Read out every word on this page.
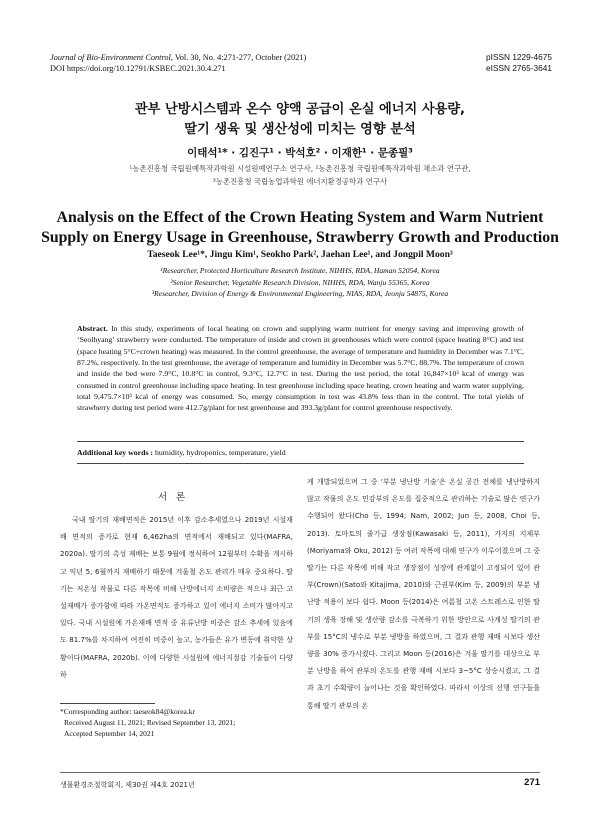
Journal of Bio-Environment Control, Vol. 30, No. 4:271-277, October (2021)
DOI https://doi.org/10.12791/KSBEC.2021.30.4.271
pISSN 1229-4675
eISSN 2765-3641
관부 난방시스템과 온수 양액 공급이 온실 에너지 사용량,
딸기 생육 및 생산성에 미치는 영향 분석
이태석¹* · 김진구¹ · 박석호² · 이재한¹ · 문종필³
¹농촌진흥청 국립원예특작과학원 시설원예연구소 연구사, ²농촌진흥청 국립원예특작과학원 채소과 연구관,
³농촌진흥청 국립농업과학원 에너지환경공학과 연구사
Analysis on the Effect of the Crown Heating System and Warm Nutrient
Supply on Energy Usage in Greenhouse, Strawberry Growth and Production
Taeseok Lee¹*, Jingu Kim¹, Seokho Park², Jaehan Lee¹, and Jongpil Moon³
¹Researcher, Protected Horticulture Research Institute, NIHHS, RDA, Haman 52054, Korea
²Senior Researcher, Vegetable Research Division, NIHHS, RDA, Wanju 55365, Korea
³Researcher, Division of Energy & Environmental Engineering, NIAS, RDA, Jeonju 54875, Korea
Abstract. In this study, experiments of local heating on crown and supplying warm nutrient for energy saving and improving growth of ‘Seolhyang’ strawberry were conducted. The temperature of inside and crown in greenhouses which were control (space heating 8°C) and test (space heating 5°C+crown heating) was measured. In the control greenhouse, the average of temperature and humidity in December was 7.1°C, 87.2%, respectively. In the test greenhouse, the average of temperature and humidity in December was 5.7°C, 88.7%. The temperature of crown and inside the bed were 7.9°C, 10.8°C in control, 9.3°C, 12.7°C in test. During the test period, the total 16,847×10³ kcal of energy was consumed in control greenhouse including space heating. In test greenhouse including space heating, crown heating and warm water supplying, total 9,475.7×10³ kcal of energy was consumed. So, energy consumption in test was 43.8% less than in the control. The total yields of strawberry during test period were 412.7g/plant for test greenhouse and 393.3g/plant for control greenhouse respectively.
Additional key words : humidity, hydroponics, temperature, yield
서론

국내 딸기의 재배면적은 2015년 이후 감소추세였으나 2019년 시설재배 면적의 증가로 현재 6,462ha의 면적에서 재배되고 있다(MAFRA, 2020a). 딸기의 촉성 재배는 보통 9월에 정식하여 12월부터 수확을 개시하고 익년 5, 6월까지 재배하기 때문에 겨울철 온도 관리가 매우 중요하다. 딸기는 저온성 작물로 다른 작목에 비해 난방에너지 소비량은 적으나 최근 고설재배가 증가함에 따라 가온면적도 증가하고 있어 에너지 소비가 많아지고 있다. 국내 시설원예 가온재배 면적 중 유류난방 비중은 감소 추세에 있음에도 81.7%를 차지하여 여전히 비중이 높고, 농가들은 유가 변동에 취약한 상황이다(MAFRA, 2020b). 이에 다양한 시설원예 에너지절감 기술들이 다양하

게 개발되었으며 그 중 ‘부분 냉난방 기술’은 온실 공간 전체를 냉난방하지 않고 작물의 온도 민감부의 온도를 집중적으로 관리하는 기술로 많은 연구가 수행되어 왔다(Cho 등, 1994; Nam, 2002; Jun 등, 2008, Choi 등, 2013). 토마토의 줄기급 생장점(Kawasaki 등, 2011), 가지의 지제부(Moriyama와 Oku, 2012) 등 여러 작목에 대해 연구가 이루어졌으며 그 중 딸기는 다른 작목에 비해 작고 생장점이 성장에 관계없이 고정되어 있어 관부(Crown)(Sato와 Kitajima, 2010)와 근권부(Kim 등, 2009)의 부분 냉난방 적용이 보다 쉽다. Moon 등(2014)은 여름철 고온 스트레스로 인한 딸기의 생육 장해 및 생산량 감소를 극복하기 위한 방안으로 사계성 딸기의 관부를 15°C의 냉수로 부분 냉방을 하였으며, 그 결과 관행 재배 시보다 생산량을 30% 증가시켰다. 그리고 Moon 등(2016)은 겨울 딸기를 대상으로 부분 난방을 하여 관부의 온도를 관행 재배 시보다 3~5°C 상승시켰고, 그 결과 초기 수확량이 늘어나는 것을 확인하였다. 따라서 이상의 선행 연구들을 통해 딸기 관부의 온

*Corresponding author: taeseok84@korea.kr
Received August 11, 2021; Revised September 13, 2021;
Accepted September 14, 2021
생물환경조절학회지, 제30권 제4호 2021년	271
